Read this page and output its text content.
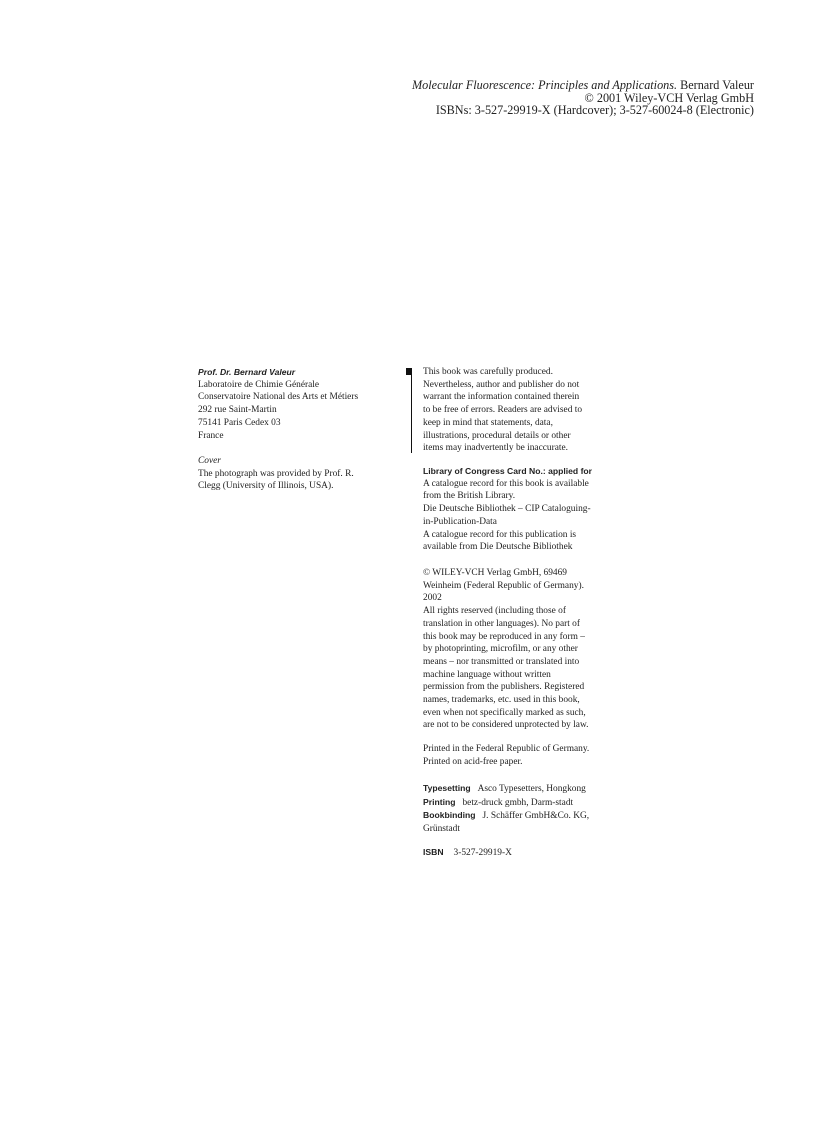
Molecular Fluorescence: Principles and Applications. Bernard Valeur
© 2001 Wiley-VCH Verlag GmbH
ISBNs: 3-527-29919-X (Hardcover); 3-527-60024-8 (Electronic)
Prof. Dr. Bernard Valeur
Laboratoire de Chimie Générale
Conservatoire National des Arts et Métiers
292 rue Saint-Martin
75141 Paris Cedex 03
France
Cover
The photograph was provided by Prof. R.
Clegg (University of Illinois, USA).
This book was carefully produced.
Nevertheless, author and publisher do not
warrant the information contained therein
to be free of errors. Readers are advised to
keep in mind that statements, data,
illustrations, procedural details or other
items may inadvertently be inaccurate.
Library of Congress Card No.: applied for
A catalogue record for this book is available
from the British Library.
Die Deutsche Bibliothek – CIP Cataloguing-
in-Publication-Data
A catalogue record for this publication is
available from Die Deutsche Bibliothek
© WILEY-VCH Verlag GmbH, 69469
Weinheim (Federal Republic of Germany).
2002
All rights reserved (including those of
translation in other languages). No part of
this book may be reproduced in any form –
by photoprinting, microfilm, or any other
means – nor transmitted or translated into
machine language without written
permission from the publishers. Registered
names, trademarks, etc. used in this book,
even when not specifically marked as such,
are not to be considered unprotected by law.
Printed in the Federal Republic of Germany.
Printed on acid-free paper.
Typesetting Asco Typesetters, Hongkong
Printing betz-druck gmbh, Darm-stadt
Bookbinding J. Schäffer GmbH&Co. KG,
Grünstadt
ISBN 3-527-29919-X
